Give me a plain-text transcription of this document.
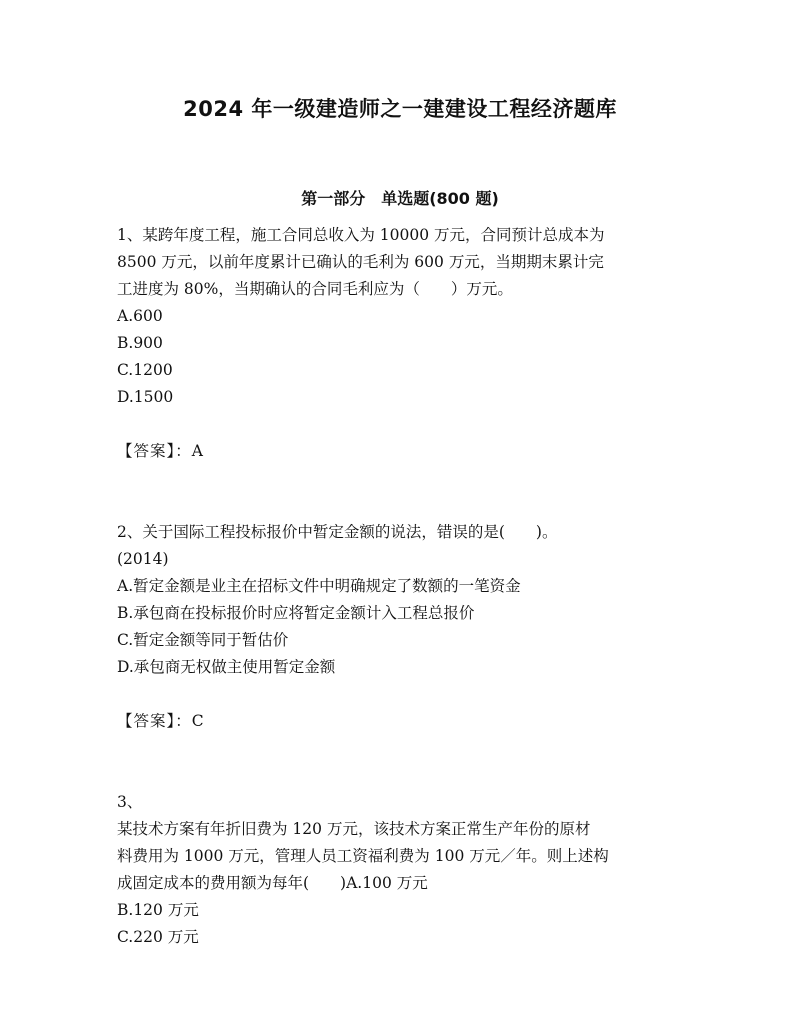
2024 年一级建造师之一建建设工程经济题库
第一部分　单选题(800 题)
1、某跨年度工程，施工合同总收入为 10000 万元，合同预计总成本为
8500 万元，以前年度累计已确认的毛利为 600 万元，当期期末累计完
工进度为 80%，当期确认的合同毛利应为（　　）万元。
A.600
B.900
C.1200
D.1500
【答案】：A
2、关于国际工程投标报价中暂定金额的说法，错误的是(　　)。
(2014)
A.暂定金额是业主在招标文件中明确规定了数额的一笔资金
B.承包商在投标报价时应将暂定金额计入工程总报价
C.暂定金额等同于暂估价
D.承包商无权做主使用暂定金额
【答案】：C
3、
某技术方案有年折旧费为 120 万元，该技术方案正常生产年份的原材
料费用为 1000 万元，管理人员工资福利费为 100 万元／年。则上述构
成固定成本的费用额为每年(　　)A.100 万元
B.120 万元
C.220 万元
